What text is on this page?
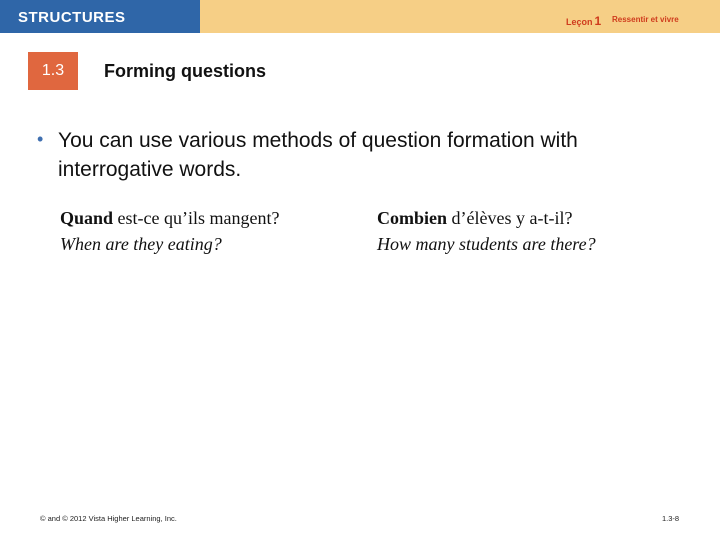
STRUCTURES	Leçon 1 Ressentir et vivre
1.3 Forming questions
• You can use various methods of question formation with interrogative words.
Quand est-ce qu’ils mangent?
When are they eating?
Combien d’élèves y a-t-il?
How many students are there?
© and © 2012 Vista Higher Learning, Inc.	1.3-8
